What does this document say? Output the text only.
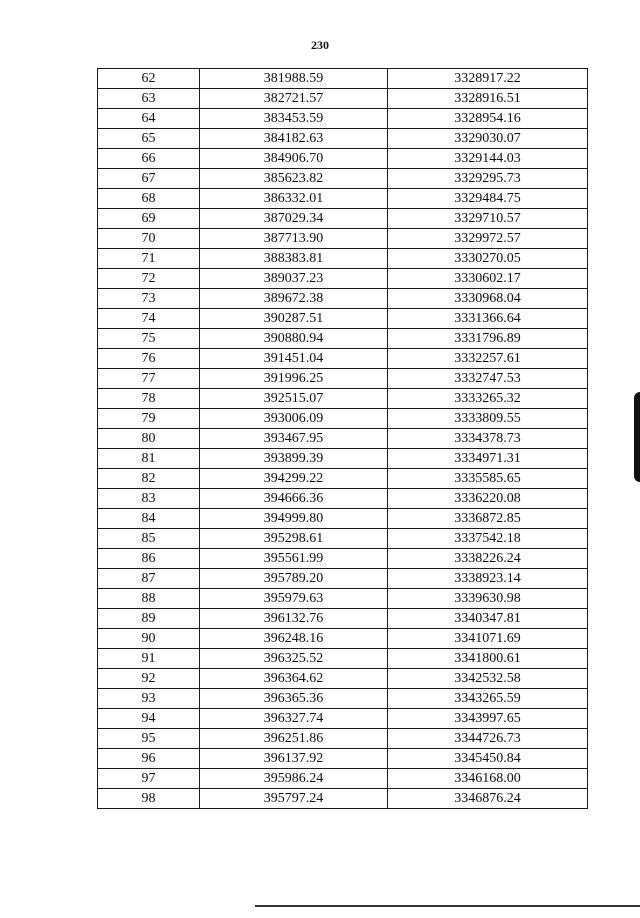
230
62	381988.59	3328917.22
63	382721.57	3328916.51
64	383453.59	3328954.16
65	384182.63	3329030.07
66	384906.70	3329144.03
67	385623.82	3329295.73
68	386332.01	3329484.75
69	387029.34	3329710.57
70	387713.90	3329972.57
71	388383.81	3330270.05
72	389037.23	3330602.17
73	389672.38	3330968.04
74	390287.51	3331366.64
75	390880.94	3331796.89
76	391451.04	3332257.61
77	391996.25	3332747.53
78	392515.07	3333265.32
79	393006.09	3333809.55
80	393467.95	3334378.73
81	393899.39	3334971.31
82	394299.22	3335585.65
83	394666.36	3336220.08
84	394999.80	3336872.85
85	395298.61	3337542.18
86	395561.99	3338226.24
87	395789.20	3338923.14
88	395979.63	3339630.98
89	396132.76	3340347.81
90	396248.16	3341071.69
91	396325.52	3341800.61
92	396364.62	3342532.58
93	396365.36	3343265.59
94	396327.74	3343997.65
95	396251.86	3344726.73
96	396137.92	3345450.84
97	395986.24	3346168.00
98	395797.24	3346876.24
